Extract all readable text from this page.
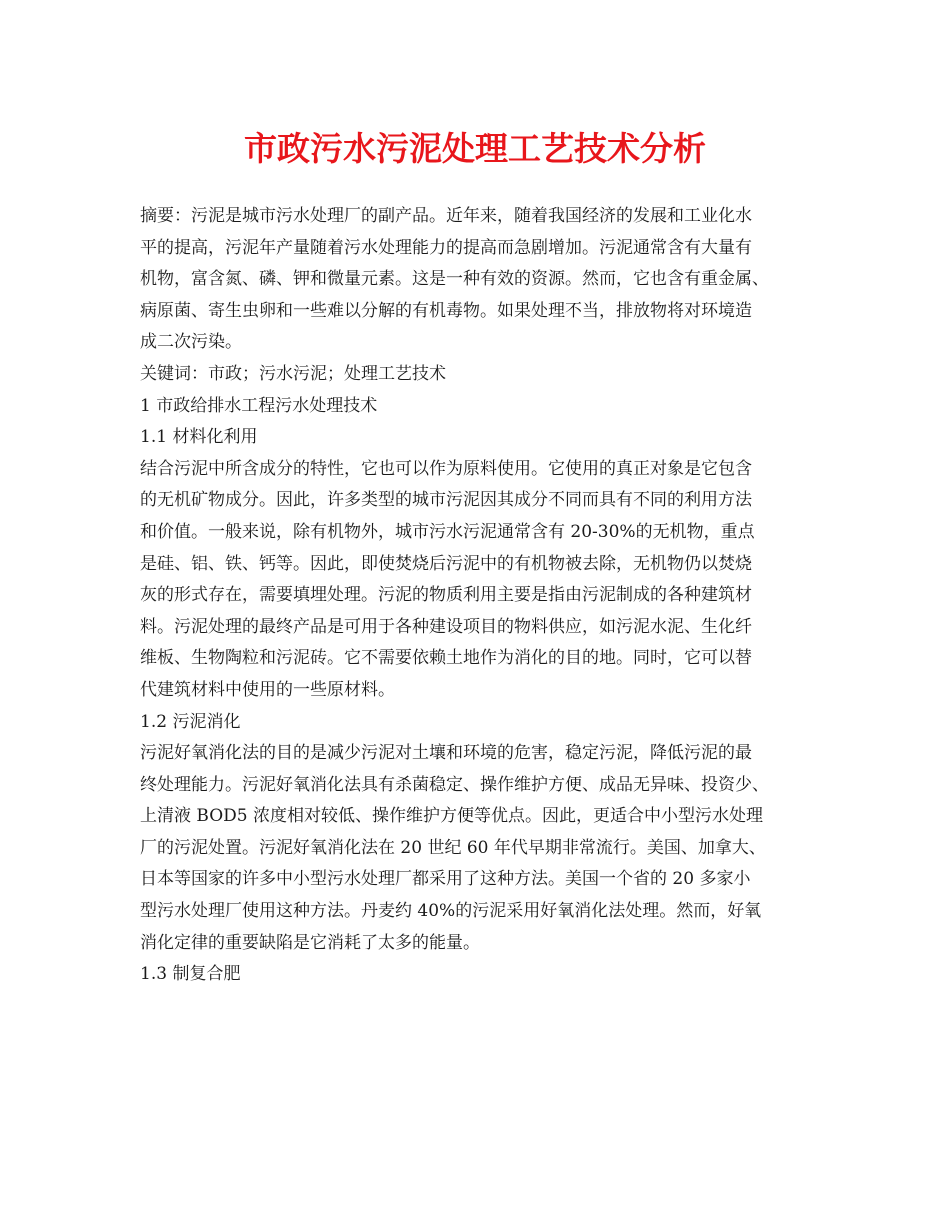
市政污水污泥处理工艺技术分析
摘要：污泥是城市污水处理厂的副产品。近年来，随着我国经济的发展和工业化水
平的提高，污泥年产量随着污水处理能力的提高而急剧增加。污泥通常含有大量有
机物，富含氮、磷、钾和微量元素。这是一种有效的资源。然而，它也含有重金属、
病原菌、寄生虫卵和一些难以分解的有机毒物。如果处理不当，排放物将对环境造
成二次污染。
关键词：市政；污水污泥；处理工艺技术
1 市政给排水工程污水处理技术
1.1 材料化利用
结合污泥中所含成分的特性，它也可以作为原料使用。它使用的真正对象是它包含
的无机矿物成分。因此，许多类型的城市污泥因其成分不同而具有不同的利用方法
和价值。一般来说，除有机物外，城市污水污泥通常含有 20-30%的无机物，重点
是硅、铝、铁、钙等。因此，即使焚烧后污泥中的有机物被去除，无机物仍以焚烧
灰的形式存在，需要填埋处理。污泥的物质利用主要是指由污泥制成的各种建筑材
料。污泥处理的最终产品是可用于各种建设项目的物料供应，如污泥水泥、生化纤
维板、生物陶粒和污泥砖。它不需要依赖土地作为消化的目的地。同时，它可以替
代建筑材料中使用的一些原材料。
1.2 污泥消化
污泥好氧消化法的目的是减少污泥对土壤和环境的危害，稳定污泥，降低污泥的最
终处理能力。污泥好氧消化法具有杀菌稳定、操作维护方便、成品无异味、投资少、
上清液 BOD5 浓度相对较低、操作维护方便等优点。因此，更适合中小型污水处理
厂的污泥处置。污泥好氧消化法在 20 世纪 60 年代早期非常流行。美国、加拿大、
日本等国家的许多中小型污水处理厂都采用了这种方法。美国一个省的 20 多家小
型污水处理厂使用这种方法。丹麦约 40%的污泥采用好氧消化法处理。然而，好氧
消化定律的重要缺陷是它消耗了太多的能量。
1.3 制复合肥
